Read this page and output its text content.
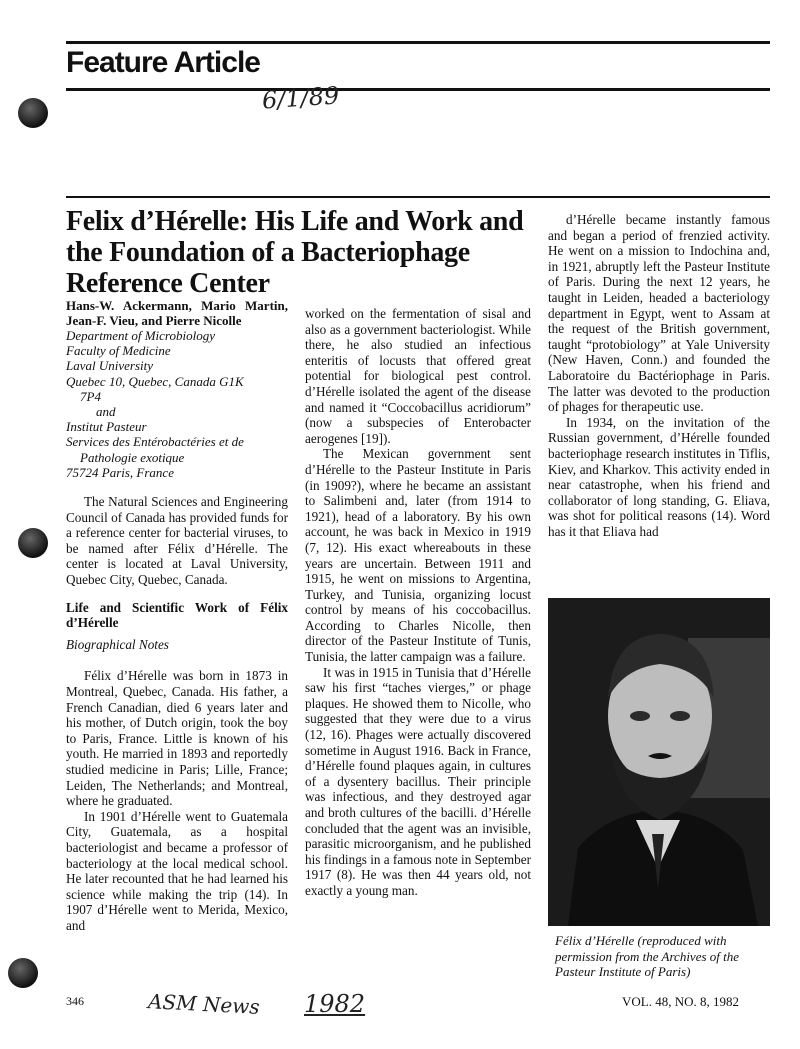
Feature Article
6/1/89
Felix d’Hérelle: His Life and Work and the Foundation of a Bacteriophage Reference Center

Hans-W. Ackermann, Mario Martin, Jean-F. Vieu, and Pierre Nicolle

Department of Microbiology
Faculty of Medicine
Laval University
Quebec 10, Quebec, Canada G1K
7P4
and
Institut Pasteur
Services des Entérobactéries et de
Pathologie exotique
75724 Paris, France

The Natural Sciences and Engineering Council of Canada has provided funds for a reference center for bacterial viruses, to be named after Félix d’Hérelle. The center is located at Laval University, Quebec City, Quebec, Canada.

Life and Scientific Work of Félix d’Hérelle
Biographical Notes

Félix d’Hérelle was born in 1873 in Montreal, Quebec, Canada. His father, a French Canadian, died 6 years later and his mother, of Dutch origin, took the boy to Paris, France. Little is known of his youth. He married in 1893 and reportedly studied medicine in Paris; Lille, France; Leiden, The Netherlands; and Montreal, where he graduated.

In 1901 d’Hérelle went to Guatemala City, Guatemala, as a hospital bacteriologist and became a professor of bacteriology at the local medical school. He later recounted that he had learned his science while making the trip (14). In 1907 d’Hérelle went to Merida, Mexico, and

worked on the fermentation of sisal and also as a government bacteriologist. While there, he also studied an infectious enteritis of locusts that offered great potential for biological pest control. d’Hérelle isolated the agent of the disease and named it “Coccobacillus acridiorum” (now a subspecies of Enterobacter aerogenes [19]).

The Mexican government sent d’Hérelle to the Pasteur Institute in Paris (in 1909?), where he became an assistant to Salimbeni and, later (from 1914 to 1921), head of a laboratory. By his own account, he was back in Mexico in 1919 (7, 12). His exact whereabouts in these years are uncertain. Between 1911 and 1915, he went on missions to Argentina, Turkey, and Tunisia, organizing locust control by means of his coccobacillus. According to Charles Nicolle, then director of the Pasteur Institute of Tunis, Tunisia, the latter campaign was a failure.

It was in 1915 in Tunisia that d’Hérelle saw his first “taches vierges,” or phage plaques. He showed them to Nicolle, who suggested that they were due to a virus (12, 16). Phages were actually discovered sometime in August 1916. Back in France, d’Hérelle found plaques again, in cultures of a dysentery bacillus. Their principle was infectious, and they destroyed agar and broth cultures of the bacilli. d’Hérelle concluded that the agent was an invisible, parasitic microorganism, and he published his findings in a famous note in September 1917 (8). He was then 44 years old, not exactly a young man.

d’Hérelle became instantly famous and began a period of frenzied activity. He went on a mission to Indochina and, in 1921, abruptly left the Pasteur Institute of Paris. During the next 12 years, he taught in Leiden, headed a bacteriology department in Egypt, went to Assam at the request of the British government, taught “protobiology” at Yale University (New Haven, Conn.) and founded the Laboratoire du Bactériophage in Paris. The latter was devoted to the production of phages for therapeutic use.

In 1934, on the invitation of the Russian government, d’Hérelle founded bacteriophage research institutes in Tiflis, Kiev, and Kharkov. This activity ended in near catastrophe, when his friend and collaborator of long standing, G. Eliava, was shot for political reasons (14). Word has it that Eliava had

Félix d’Hérelle (reproduced with permission from the Archives of the Pasteur Institute of Paris)
346	ASM News 1982	VOL. 48, NO. 8, 1982
